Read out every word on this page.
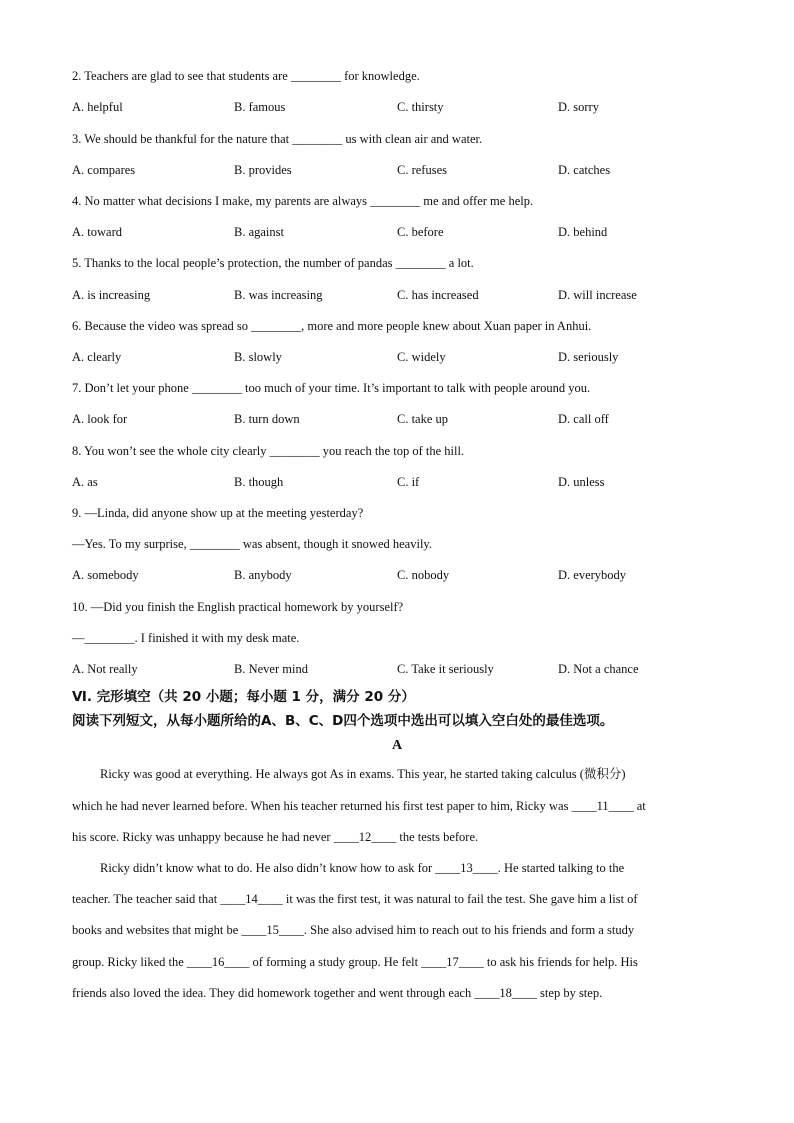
2. Teachers are glad to see that students are ________ for knowledge.
A. helpful	B. famous	C. thirsty	D. sorry
3. We should be thankful for the nature that ________ us with clean air and water.
A. compares	B. provides	C. refuses	D. catches
4. No matter what decisions I make, my parents are always ________ me and offer me help.
A. toward	B. against	C. before	D. behind
5. Thanks to the local people’s protection, the number of pandas ________ a lot.
A. is increasing	B. was increasing	C. has increased	D. will increase
6. Because the video was spread so ________, more and more people knew about Xuan paper in Anhui.
A. clearly	B. slowly	C. widely	D. seriously
7. Don’t let your phone ________ too much of your time. It’s important to talk with people around you.
A. look for	B. turn down	C. take up	D. call off
8. You won’t see the whole city clearly ________ you reach the top of the hill.
A. as	B. though	C. if	D. unless
9. —Linda, did anyone show up at the meeting yesterday?
—Yes. To my surprise, ________ was absent, though it snowed heavily.
A. somebody	B. anybody	C. nobody	D. everybody
10. —Did you finish the English practical homework by yourself?
—________. I finished it with my desk mate.
A. Not really	B. Never mind	C. Take it seriously	D. Not a chance
Ⅵ. 完形填空（共 20 小题；每小题 1 分，满分 20 分）
阅读下列短文，从每小题所给的A、B、C、D四个选项中选出可以填入空白处的最佳选项。
A
Ricky was good at everything. He always got As in exams. This year, he started taking calculus (微积分)
which he had never learned before. When his teacher returned his first test paper to him, Ricky was ____11____ at
his score. Ricky was unhappy because he had never ____12____ the tests before.
Ricky didn’t know what to do. He also didn’t know how to ask for ____13____. He started talking to the
teacher. The teacher said that ____14____ it was the first test, it was natural to fail the test. She gave him a list of
books and websites that might be ____15____. She also advised him to reach out to his friends and form a study
group. Ricky liked the ____16____ of forming a study group. He felt ____17____ to ask his friends for help. His
friends also loved the idea. They did homework together and went through each ____18____ step by step.
